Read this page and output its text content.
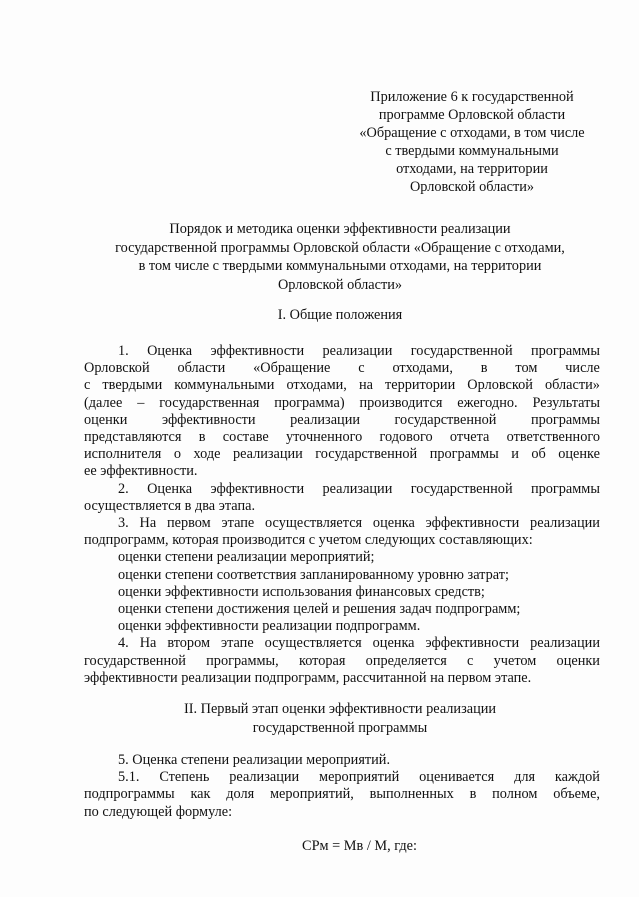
Приложение 6 к государственной
программе Орловской области
«Обращение с отходами, в том числе
с твердыми коммунальными
отходами, на территории
Орловской области»
Порядок и методика оценки эффективности реализации
государственной программы Орловской области «Обращение с отходами,
в том числе с твердыми коммунальными отходами, на территории
Орловской области»
I. Общие положения
1. Оценка эффективности реализации государственной программы
Орловской области «Обращение с отходами, в том числе
с твердыми коммунальными отходами, на территории Орловской области»
(далее – государственная программа) производится ежегодно. Результаты
оценки эффективности реализации государственной программы
представляются в составе уточненного годового отчета ответственного
исполнителя о ходе реализации государственной программы и об оценке
ее эффективности.
2. Оценка эффективности реализации государственной программы
осуществляется в два этапа.
3. На первом этапе осуществляется оценка эффективности реализации
подпрограмм, которая производится с учетом следующих составляющих:
оценки степени реализации мероприятий;
оценки степени соответствия запланированному уровню затрат;
оценки эффективности использования финансовых средств;
оценки степени достижения целей и решения задач подпрограмм;
оценки эффективности реализации подпрограмм.
4. На втором этапе осуществляется оценка эффективности реализации
государственной программы, которая определяется с учетом оценки
эффективности реализации подпрограмм, рассчитанной на первом этапе.
II. Первый этап оценки эффективности реализации
государственной программы
5. Оценка степени реализации мероприятий.
5.1. Степень реализации мероприятий оценивается для каждой
подпрограммы как доля мероприятий, выполненных в полном объеме,
по следующей формуле:
СРм = Мв / М, где:
